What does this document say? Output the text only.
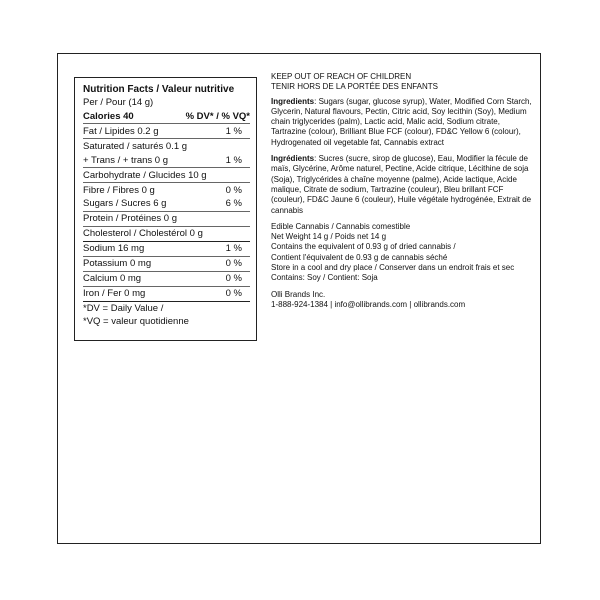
Nutrition Facts / Valeur nutritive
Per / Pour (14 g)
Calories 40	% DV* / % VQ*
Fat / Lipides 0.2 g	1 %
Saturated / saturés 0.1 g
+ Trans / + trans 0 g	1 %
Carbohydrate / Glucides 10 g
Fibre / Fibres 0 g	0 %
Sugars / Sucres 6 g	6 %
Protein / Protéines 0 g
Cholesterol / Cholestérol 0 g
Sodium 16 mg	1 %
Potassium 0 mg	0 %
Calcium 0 mg	0 %
Iron / Fer 0 mg	0 %
*DV = Daily Value /
*VQ = valeur quotidienne

KEEP OUT OF REACH OF CHILDREN

TENIR HORS DE LA PORTÉE DES ENFANTS

Ingredients: Sugars (sugar, glucose syrup), Water, Modified Corn Starch, Glycerin, Natural flavours, Pectin, Citric acid, Soy lecithin (Soy), Medium chain triglycerides (palm), Lactic acid, Malic acid, Sodium citrate, Tartrazine (colour), Brilliant Blue FCF (colour), FD&C Yellow 6 (colour), Hydrogenated oil vegetable fat, Cannabis extract

Ingrédients: Sucres (sucre, sirop de glucose), Eau, Modifier la fécule de maïs, Glycérine, Arôme naturel, Pectine, Acide citrique, Lécithine de soja (Soja), Triglycérides à chaîne moyenne (palme), Acide lactique, Acide malique, Citrate de sodium, Tartrazine (couleur), Bleu brillant FCF (couleur), FD&C Jaune 6 (couleur), Huile végétale hydrogénée, Extrait de cannabis

Edible Cannabis / Cannabis comestible

Net Weight 14 g / Poids net 14 g

Contains the equivalent of 0.93 g of dried cannabis /

Contient l'équivalent de 0.93 g de cannabis séché

Store in a cool and dry place / Conserver dans un endroit frais et sec

Contains: Soy / Contient: Soja

Olli Brands Inc.

1-888-924-1384 | info@ollibrands.com | ollibrands.com
